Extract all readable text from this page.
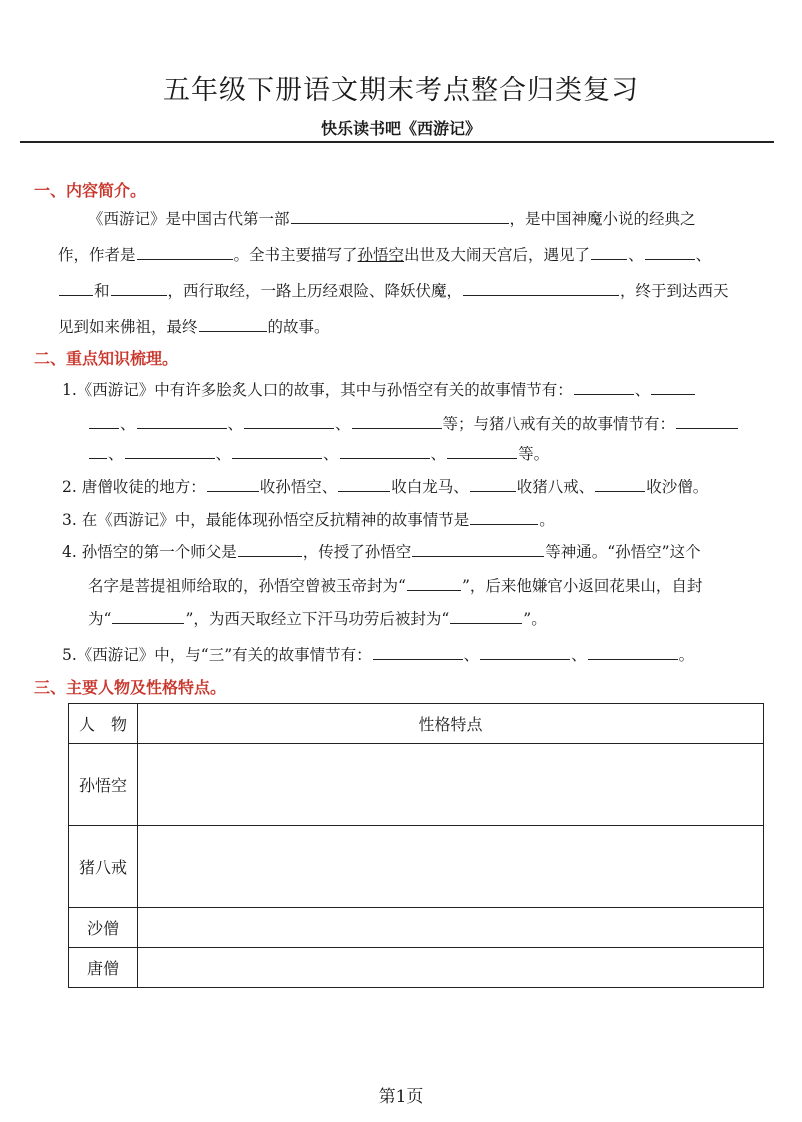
五年级下册语文期末考点整合归类复习
快乐读书吧《西游记》
一、内容简介。
《西游记》是中国古代第一部	，是中国神魔小说的经典之
作，作者是	。全书主要描写了孙悟空出世及大闹天宫后，遇见了 、	、
和	，西行取经，一路上历经艰险、降妖伏魔，	，终于到达西天
见到如来佛祖，最终	的故事。
二、重点知识梳理。
1.《西游记》中有许多脍炙人口的故事，其中与孙悟空有关的故事情节有：	、
、	、	、	等；与猪八戒有关的故事情节有：
、	、	、	、	等。
2. 唐僧收徒的地方：	收孙悟空、	收白龙马、	收猪八戒、	收沙僧。
3. 在《西游记》中，最能体现孙悟空反抗精神的故事情节是	。
4. 孙悟空的第一个师父是	，传授了孙悟空	等神通。“孙悟空”这个
名字是菩提祖师给取的，孙悟空曾被玉帝封为“	”，后来他嫌官小返回花果山，自封
为“	”，为西天取经立下汗马功劳后被封为“	”。
5.《西游记》中，与“三”有关的故事情节有：	、	、	。
三、主要人物及性格特点。
人　物	性格特点
孙悟空	
猪八戒	
沙僧	
唐僧	
第1页
